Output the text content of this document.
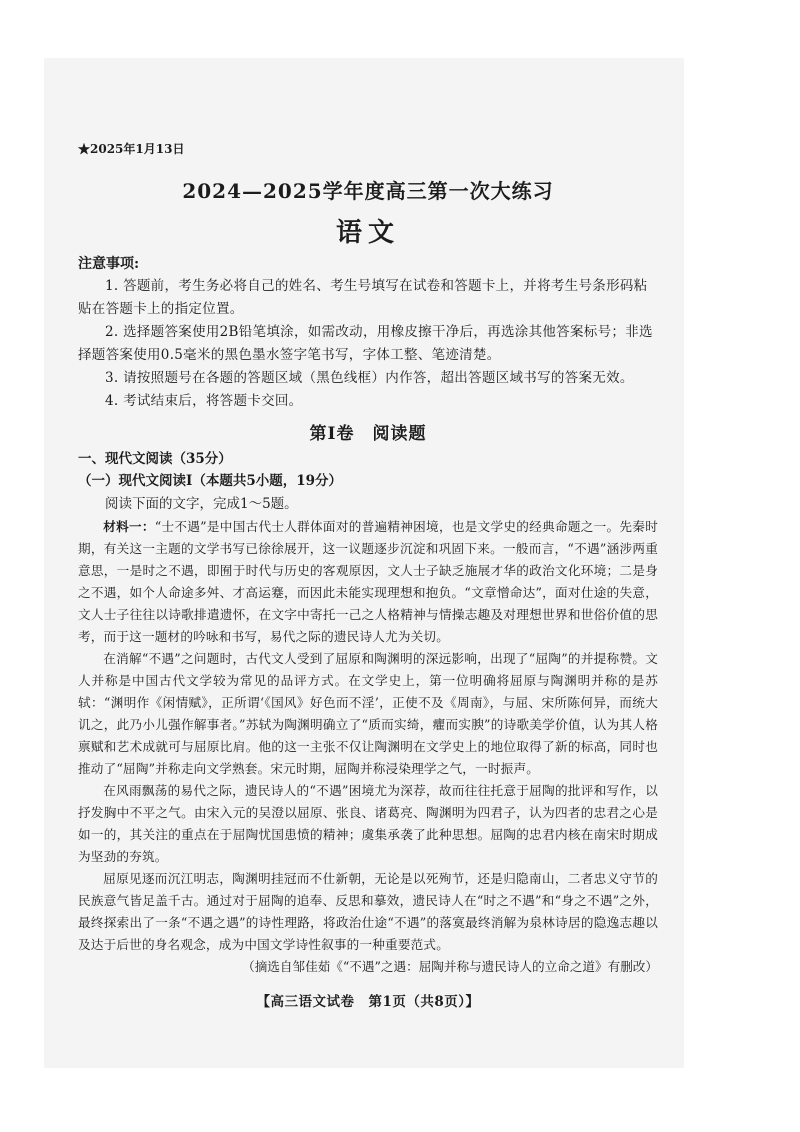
★2025年1月13日
2024—2025学年度高三第一次大练习
语文
注意事项:

1. 答题前，考生务必将自己的姓名、考生号填写在试卷和答题卡上，并将考生号条形码粘贴在答题卡上的指定位置。

2. 选择题答案使用2B铅笔填涂，如需改动，用橡皮擦干净后，再选涂其他答案标号；非选择题答案使用0.5毫米的黑色墨水签字笔书写，字体工整、笔迹清楚。

3. 请按照题号在各题的答题区域（黑色线框）内作答，超出答题区域书写的答案无效。

4. 考试结束后，将答题卡交回。

第Ⅰ卷　阅读题
一、现代文阅读（35分）
（一）现代文阅读Ⅰ（本题共5小题，19分）
阅读下面的文字，完成1～5题。

材料一：“士不遇”是中国古代士人群体面对的普遍精神困境，也是文学史的经典命题之一。先秦时期，有关这一主题的文学书写已徐徐展开，这一议题逐步沉淀和巩固下来。一般而言，“不遇”涵涉两重意思，一是时之不遇，即囿于时代与历史的客观原因，文人士子缺乏施展才华的政治文化环境；二是身之不遇，如个人命途多舛、才高运蹇，而因此未能实现理想和抱负。“文章憎命达”，面对仕途的失意，文人士子往往以诗歌排遣遗怀，在文字中寄托一己之人格精神与情操志趣及对理想世界和世俗价值的思考，而于这一题材的吟咏和书写，易代之际的遗民诗人尤为关切。

在消解“不遇”之问题时，古代文人受到了屈原和陶渊明的深远影响，出现了“屈陶”的并提称赞。文人并称是中国古代文学较为常见的品评方式。在文学史上，第一位明确将屈原与陶渊明并称的是苏轼：“渊明作《闲情赋》，正所谓‘《国风》好色而不淫’，正使不及《周南》，与屈、宋所陈何异，而统大讥之，此乃小儿强作解事者。”苏轼为陶渊明确立了“质而实绮，癯而实腴”的诗歌美学价值，认为其人格禀赋和艺术成就可与屈原比肩。他的这一主张不仅让陶渊明在文学史上的地位取得了新的标高，同时也推动了“屈陶”并称走向文学熟套。宋元时期，屈陶并称浸染理学之气，一时振声。

在风雨飘荡的易代之际，遗民诗人的“不遇”困境尤为深荐，故而往往托意于屈陶的批评和写作，以抒发胸中不平之气。由宋入元的吴澄以屈原、张良、诸葛亮、陶渊明为四君子，认为四者的忠君之心是如一的，其关注的重点在于屈陶忧国患愤的精神；虞集承袭了此种思想。屈陶的忠君内核在南宋时期成为坚劲的夯筑。

屈原见逐而沉江明志，陶渊明挂冠而不仕新朝，无论是以死殉节，还是归隐南山，二者忠义守节的民族意气皆足盖千古。通过对于屈陶的追奉、反思和摹效，遗民诗人在“时之不遇”和“身之不遇”之外，最终探索出了一条“不遇之遇”的诗性理路，将政治仕途“不遇”的落寞最终消解为泉林诗居的隐逸志趣以及达于后世的身名观念，成为中国文学诗性叙事的一种重要范式。

（摘选自邹佳茹《“不遇”之遇：屈陶并称与遗民诗人的立命之道》有删改）
【高三语文试卷　第1页（共8页）】
